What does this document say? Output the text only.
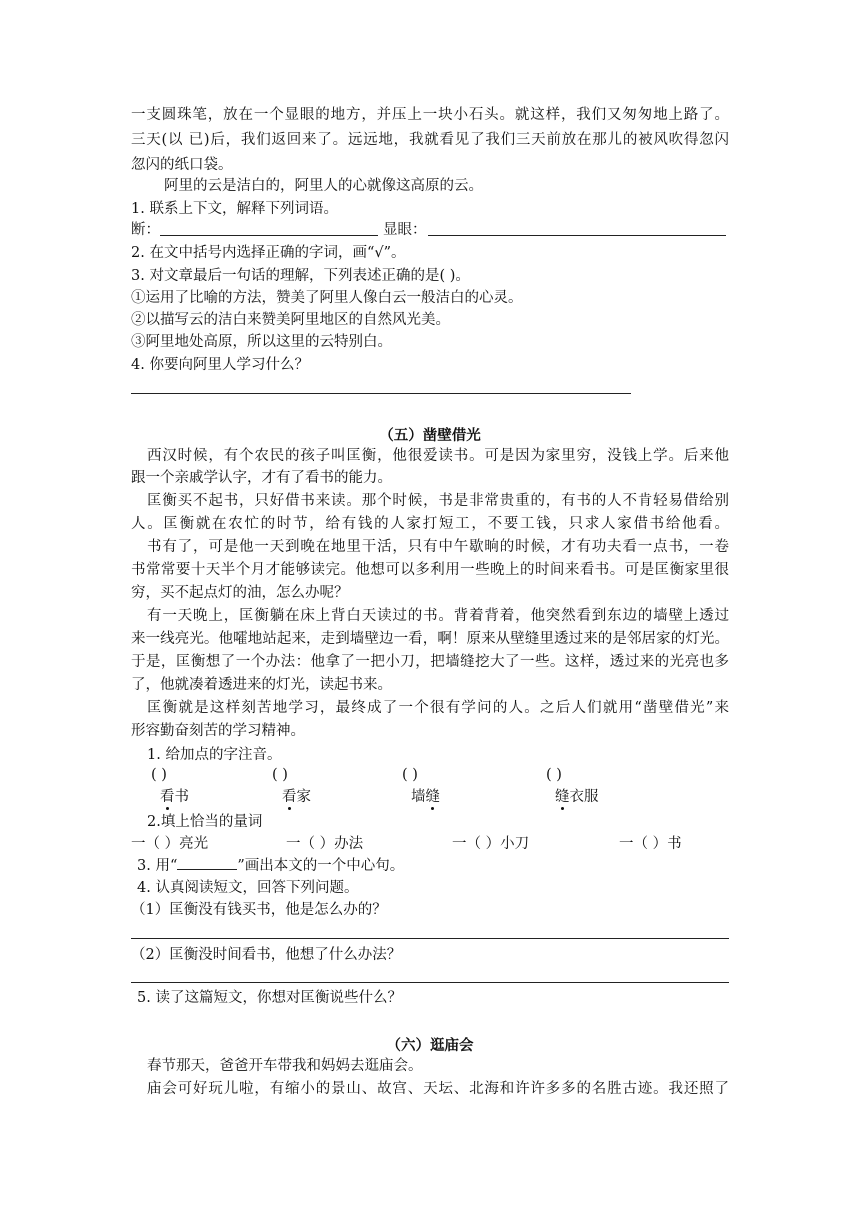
一支圆珠笔，放在一个显眼的地方，并压上一块小石头。就这样，我们又匆匆地上路了。
三天(以 已)后，我们返回来了。远远地，我就看见了我们三天前放在那儿的被风吹得忽闪
忽闪的纸口袋。
阿里的云是洁白的，阿里人的心就像这高原的云。
1. 联系上下文，解释下列词语。
断：	显眼：
2. 在文中括号内选择正确的字词，画“√”。
3. 对文章最后一句话的理解，下列表述正确的是( )。
①运用了比喻的方法，赞美了阿里人像白云一般洁白的心灵。
②以描写云的洁白来赞美阿里地区的自然风光美。
③阿里地处高原，所以这里的云特别白。
4. 你要向阿里人学习什么？
（五）凿壁借光
西汉时候，有个农民的孩子叫匡衡，他很爱读书。可是因为家里穷，没钱上学。后来他
跟一个亲戚学认字，才有了看书的能力。
匡衡买不起书，只好借书来读。那个时候，书是非常贵重的，有书的人不肯轻易借给别
人。匡衡就在农忙的时节，给有钱的人家打短工，不要工钱，只求人家借书给他看。
书有了，可是他一天到晚在地里干活，只有中午歇晌的时候，才有功夫看一点书，一卷
书常常要十天半个月才能够读完。他想可以多利用一些晚上的时间来看书。可是匡衡家里很
穷，买不起点灯的油，怎么办呢？
有一天晚上，匡衡躺在床上背白天读过的书。背着背着，他突然看到东边的墙壁上透过
来一线亮光。他嚯地站起来，走到墙壁边一看，啊！原来从壁缝里透过来的是邻居家的灯光。
于是，匡衡想了一个办法：他拿了一把小刀，把墙缝挖大了一些。这样，透过来的光亮也多
了，他就凑着透进来的灯光，读起书来。
匡衡就是这样刻苦地学习，最终成了一个很有学问的人。之后人们就用“凿壁借光”来
形容勤奋刻苦的学习精神。
1. 给加点的字注音。
( )	( )	( )	( )
看书	看家	墙缝	缝衣服
2.填上恰当的量词
一（ ）亮光	一（ ）办法	一（ ）小刀	一（ ）书
3. 用“	”画出本文的一个中心句。
4. 认真阅读短文，回答下列问题。
（1）匡衡没有钱买书，他是怎么办的？
（2）匡衡没时间看书，他想了什么办法？
5. 读了这篇短文，你想对匡衡说些什么？
（六）逛庙会
春节那天，爸爸开车带我和妈妈去逛庙会。
庙会可好玩儿啦，有缩小的景山、故宫、天坛、北海和许许多多的名胜古迹。我还照了
